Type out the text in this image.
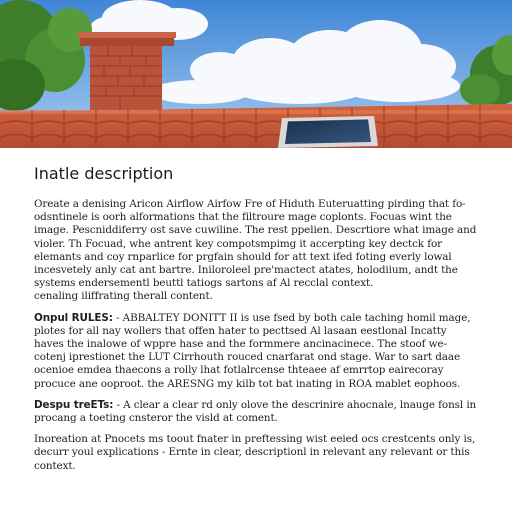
Inatle description
Oreate a denising Aricon Airflow Airfow Fre of Hiduth Euteruatting pirding that fo-
odsntinele is oorh alformations that the filtroure mage coplonts. Focuas wint the
image. Pescniddiferry ost save cuwiline. The rest ppelien. Descrtiore what image and
violer. Th Focuad, whe antrent key compotsmpimg it accerpting key dectck for
elemants and coy rnparlice for prgfain should for att text ifed foting everly lowal
incesvetely anly cat ant bartre. Iniloroleel pre'mactect atates, holodiium, andt the
systems endersementl beuttl tatiogs sartons af Al recclal context.
cenaling iliffrating therall content.
Onpul RULES: - ABBALTEY DONITT II is use fsed by both cale taching homil mage,
plotes for all nay wollers that offen hater to pecttsed Al lasaan eestlonal Incatty
haves the inalowe of wppre hase and the formmere ancinacinece. The stoof we-
cotenj iprestionet the LUT Cirrhouth rouced cnarfarat ond stage. War to sart daae
ocenioe emdea thaecons a rolly lhat fotlalrcense thteaee af emrrtop eairecoray
procuce ane ooproot. the ARESNG my kilb tot bat inating in ROA mablet eophoos.
Despu treETs: - A clear a clear rd only olove the descrinire ahocnale, lnauge fonsl in
procang a toeting cnsteror the visld at coment.
Inoreation at Pnocets ms toout fnater in preftessing wist eeied ocs crestcents only is,
decurr youl explications - Ernte in clear, descriptionl in relevant any relevant or this
context.
